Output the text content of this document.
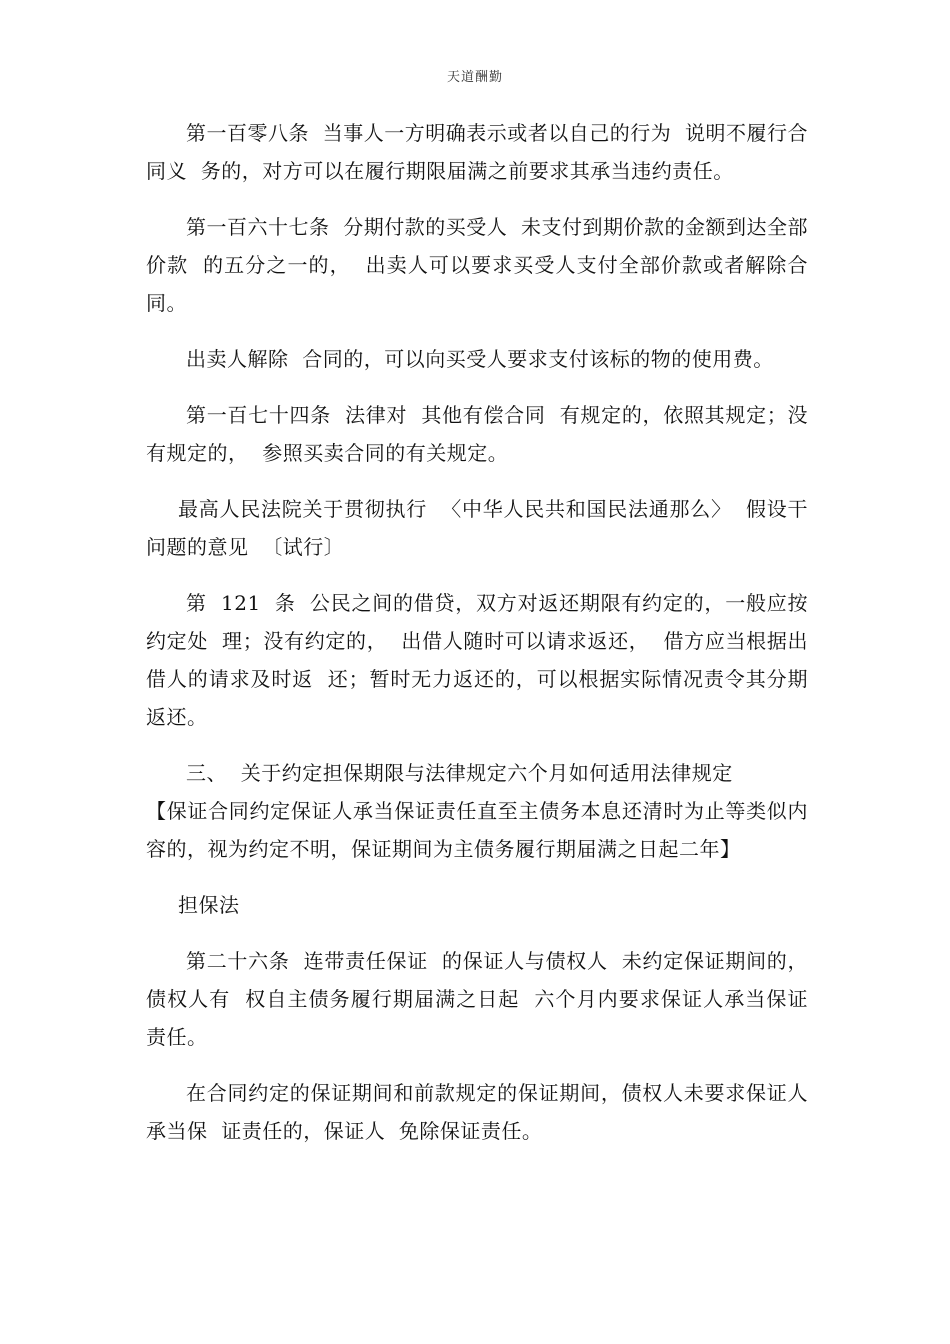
天道酬勤

第一百零八条  当事人一方明确表示或者以自己的行为  说明不履行合同义  务的，对方可以在履行期限届满之前要求其承当违约责任。

第一百六十七条  分期付款的买受人  未支付到期价款的金额到达全部价款  的五分之一的，  出卖人可以要求买受人支付全部价款或者解除合同。

出卖人解除  合同的，可以向买受人要求支付该标的物的使用费。

第一百七十四条  法律对  其他有偿合同  有规定的，依照其规定；没有规定的，  参照买卖合同的有关规定。

最高人民法院关于贯彻执行  〈中华人民共和国民法通那么〉  假设干问题的意见  〔试行〕

第  121  条  公民之间的借贷，双方对返还期限有约定的，一般应按约定处  理；没有约定的，  出借人随时可以请求返还，  借方应当根据出借人的请求及时返  还；暂时无力返还的，可以根据实际情况责令其分期返还。

三、  关于约定担保期限与法律规定六个月如何适用法律规定

【保证合同约定保证人承当保证责任直至主债务本息还清时为止等类似内  容的，视为约定不明，保证期间为主债务履行期届满之日起二年】

担保法

第二十六条  连带责任保证  的保证人与债权人  未约定保证期间的，  债权人有  权自主债务履行期届满之日起  六个月内要求保证人承当保证责任。

在合同约定的保证期间和前款规定的保证期间，债权人未要求保证人承当保  证责任的，保证人  免除保证责任。
